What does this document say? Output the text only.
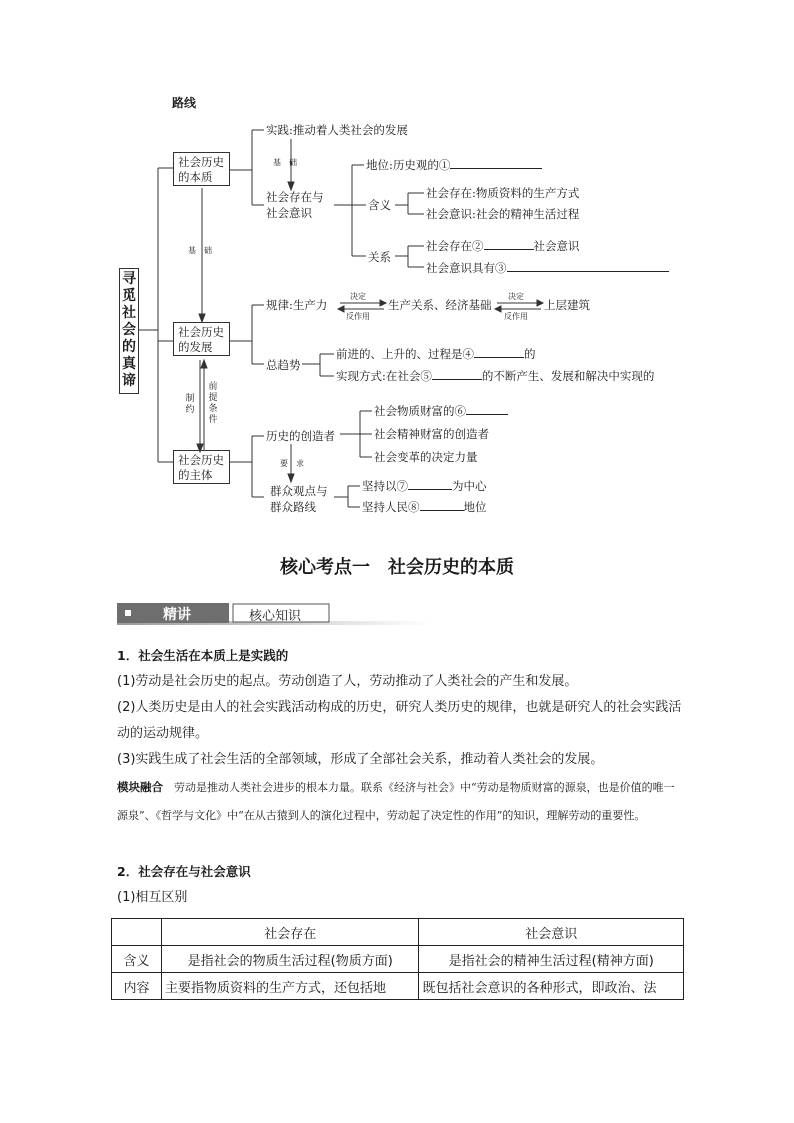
路线
寻
觅
社
会
的
真
谛
社会历史
的本质
社会历史
的发展
社会历史
的主体
实践:推动着人类社会的发展
基　础
社会存在与
社会意识
地位:历史观的①
含义
社会存在:物质资料的生产方式
社会意识:社会的精神生活过程
关系
社会存在②	社会意识
社会意识具有③
基　础
规律:生产力
决定
反作用
生产关系、经济基础
决定
反作用
上层建筑
总趋势
前进的、上升的、过程是④	的
实现方式:在社会⑤	的不断产生、发展和解决中实现的
制约
前提条件
历史的创造者
社会物质财富的⑥
社会精神财富的创造者
社会变革的决定力量
要　求
群众观点与
群众路线
坚持以⑦	为中心
坚持人民⑧	地位
核心考点一　社会历史的本质
精讲	核心知识
1．社会生活在本质上是实践的
(1)劳动是社会历史的起点。劳动创造了人，劳动推动了人类社会的产生和发展。
(2)人类历史是由人的社会实践活动构成的历史，研究人类历史的规律，也就是研究人的社会实践活动的运动规律。
(3)实践生成了社会生活的全部领域，形成了全部社会关系，推动着人类社会的发展。
模块融合　 劳动是推动人类社会进步的根本力量。联系《经济与社会》中“劳动是物质财富的源泉，也是价值的唯一源泉”、《哲学与文化》中“在从古猿到人的演化过程中，劳动起了决定性的作用”的知识，理解劳动的重要性。
2．社会存在与社会意识
(1)相互区别
	社会存在	社会意识
含义	是指社会的物质生活过程(物质方面)	是指社会的精神生活过程(精神方面)
内容	主要指物质资料的生产方式，还包括地	既包括社会意识的各种形式，即政治、法
